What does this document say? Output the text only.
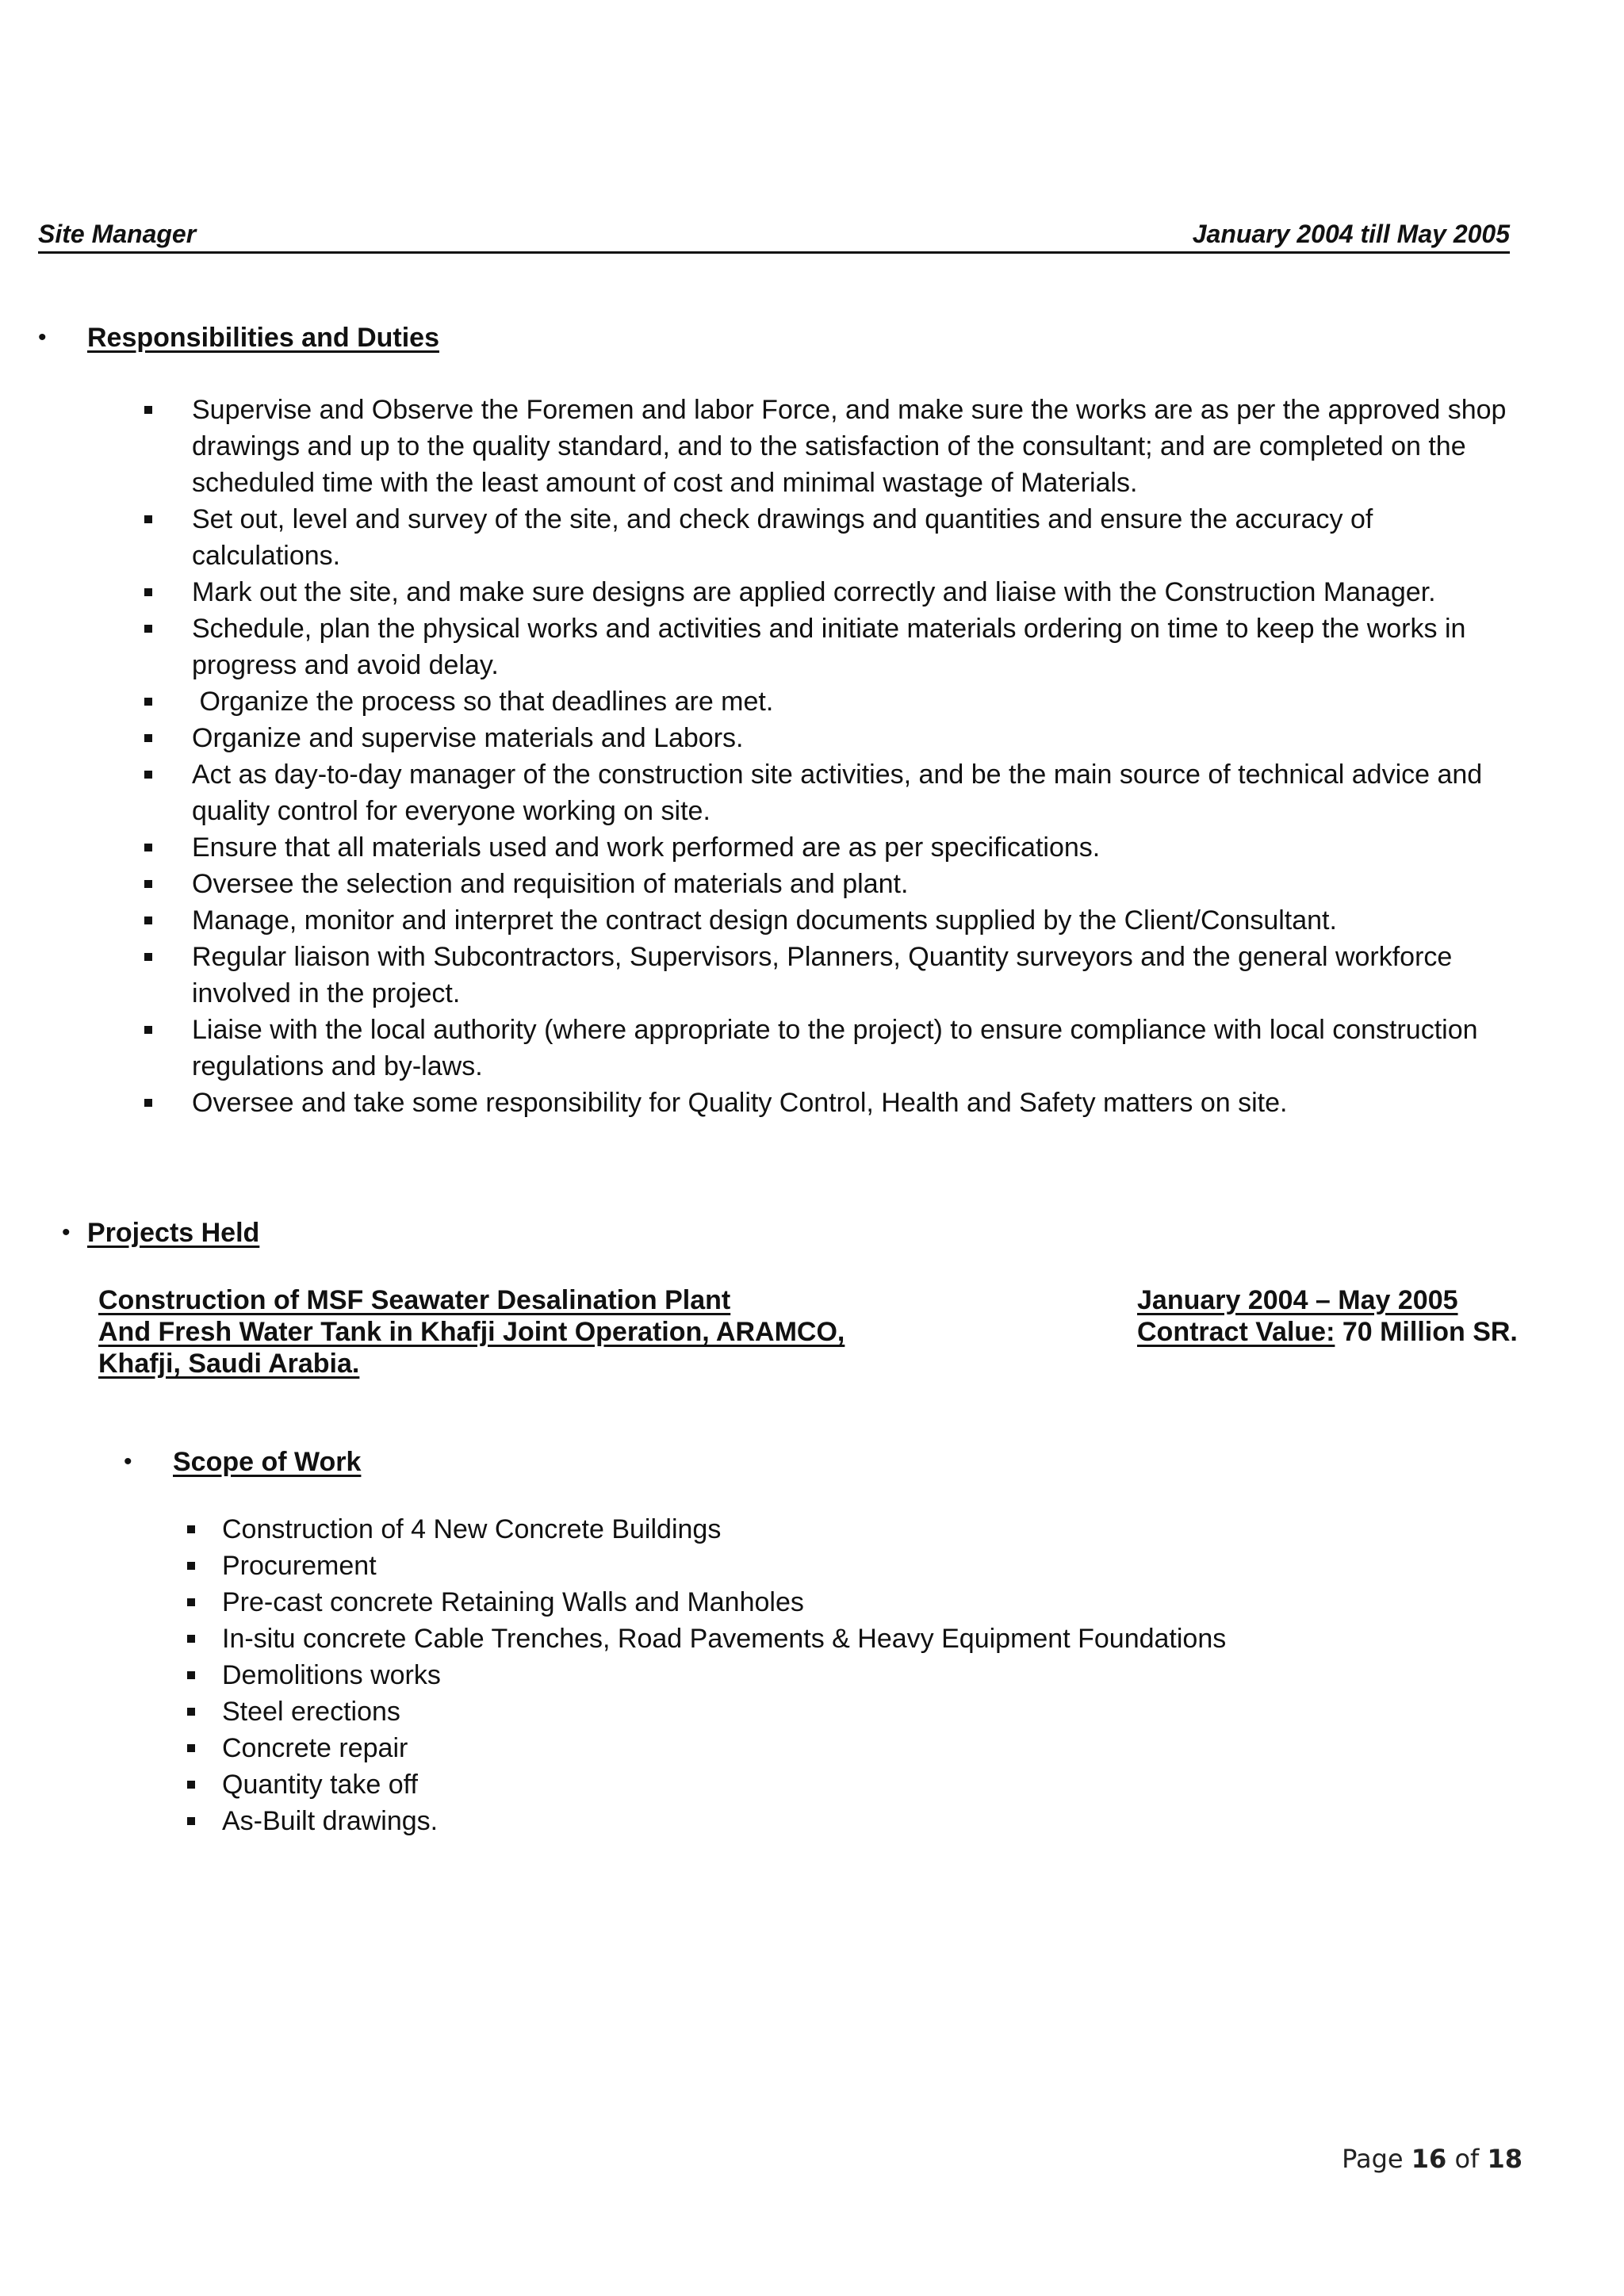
Site Manager	January 2004 till May 2005
•	Responsibilities and Duties
Supervise and Observe the Foremen and labor Force, and make sure the works are as per the approved shop drawings and up to the quality standard, and to the satisfaction of the consultant; and are completed on the scheduled time with the least amount of cost and minimal wastage of Materials.
Set out, level and survey of the site, and check drawings and quantities and ensure the accuracy of calculations.
Mark out the site, and make sure designs are applied correctly and liaise with the Construction Manager.
Schedule, plan the physical works and activities and initiate materials ordering on time to keep the works in progress and avoid delay.
Organize the process so that deadlines are met.
Organize and supervise materials and Labors.
Act as day-to-day manager of the construction site activities, and be the main source of technical advice and quality control for everyone working on site.
Ensure that all materials used and work performed are as per specifications.
Oversee the selection and requisition of materials and plant.
Manage, monitor and interpret the contract design documents supplied by the Client/Consultant.
Regular liaison with Subcontractors, Supervisors, Planners, Quantity surveyors and the general workforce involved in the project.
Liaise with the local authority (where appropriate to the project) to ensure compliance with local construction regulations and by-laws.
Oversee and take some responsibility for Quality Control, Health and Safety matters on site.
• Projects Held
Construction of MSF Seawater Desalination Plant	January 2004 – May 2005
And Fresh Water Tank in Khafji Joint Operation, ARAMCO,	Contract Value: 70 Million SR.
Khafji, Saudi Arabia.
•	Scope of Work
Construction of 4 New Concrete Buildings
Procurement
Pre-cast concrete Retaining Walls and Manholes
In-situ concrete Cable Trenches, Road Pavements & Heavy Equipment Foundations
Demolitions works
Steel erections
Concrete repair
Quantity take off
As-Built drawings.
Page 16 of 18
